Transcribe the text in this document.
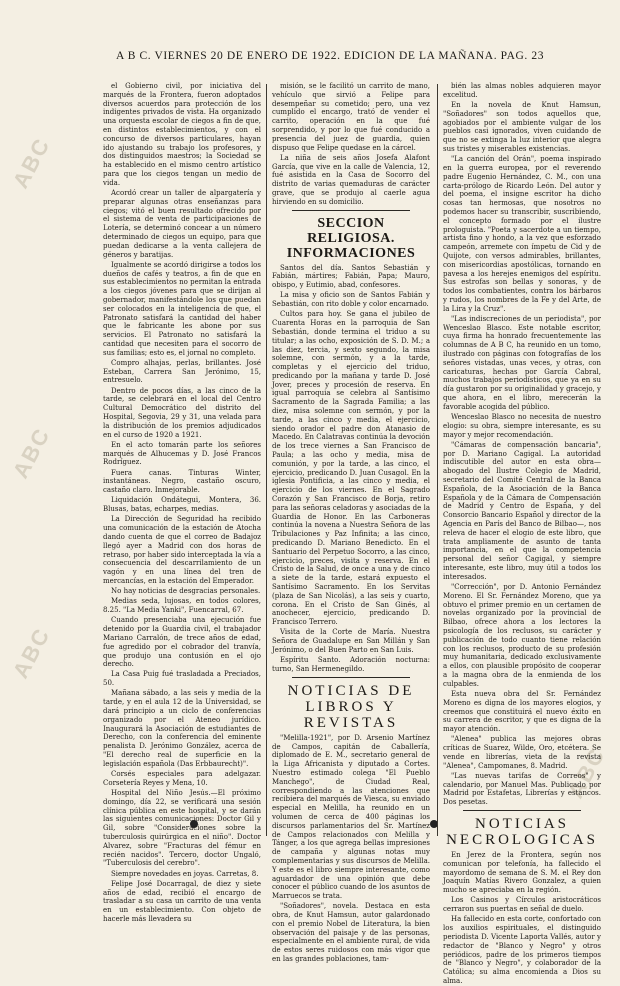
A B C. VIERNES 20 DE ENERO DE 1922. EDICION DE LA MAÑANA. PAG. 23
ABC
ABC
ABC
ABC

el Gobierno civil, por iniciativa del marqués de la Frontera, fueron adoptados diversos acuerdos para protección de los indigentes privados de vista. Ha organizado una orquesta escolar de ciegos a fin de que, en distintos establecimientos, y con el concurso de diversos particulares, hayan ido ajustando su trabajo los profesores, y dos distinguidos maestros; la Sociedad se ha establecido en el mismo centro artístico para que los ciegos tengan un medio de vida.

Acordó crear un taller de alpargatería y preparar algunas otras enseñanzas para ciegos; vitó el buen resultado ofrecido por el sistema de venta de participaciones de Lotería, se determinó concear a un número determinado de ciegos un equipo, para que puedan dedicarse a la venta callejera de géneros y baratijas.

Igualmente se acordó dirigirse a todos los dueños de cafés y teatros, a fin de que en sus establecimientos no permitan la entrada a los ciegos jóvenes para que se dirijan al gobernador, manifestándole los que puedan ser colocados en la inteligencia de que, el Patronato satisfará la cantidad del haber que le fabricante les abone por sus servicios. El Patronato no satisfará la cantidad que necesiten para el socorro de sus familias; esto es, el jornal no completo.

Compro alhajas, perlas, brillantes. José Esteban, Carrera San Jerónimo, 15, entresuelo.

Dentro de pocos días, a las cinco de la tarde, se celebrará en el local del Centro Cultural Democrático del distrito del Hospital, Segovia, 29 y 31, una velada para la distribución de los premios adjudicados en el curso de 1920 a 1921.

En el acto tomarán parte los señores marqués de Alhucemas y D. José Francos Rodríguez.

Fuera canas. Tinturas Winter, instantáneas. Negro, castaño oscuro, castaño claro. Inmejorable.

Liquidación Ondátegui, Montera, 36. Blusas, batas, echarpes, medias.

La Dirección de Seguridad ha recibido una comunicación de la estación de Atocha dando cuenta de que el correo de Badajoz llegó ayer a Madrid con dos horas de retraso, por haber sido interceptada la vía a consecuencia del descarrilamiento de un vagón y en una línea del tren de mercancías, en la estación del Emperador.

No hay noticias de desgracias personales.

Medias seda, lujosas, en todos colores, 8.25. "La Media Yanki", Fuencarral, 67.

Cuando presenciaba una ejecución fue detenido por la Guardia civil, el trabajador Mariano Carralón, de trece años de edad, fue agredido por el cobrador del tranvía, que produjo una contusión en el ojo derecho.

La Casa Puig fué trasladada a Preciados, 50.

Mañana sábado, a las seis y media de la tarde, y en el aula 12 de la Universidad, se dará principio a un ciclo de conferencias organizado por el Ateneo jurídico. Inaugurará la Asociación de estudiantes de Derecho, con la conferencia del eminente penalista D. Jerónimo González, acerca de "El derecho real de superficie en la legislación española (Das Erbbaurecht)".

Corsés especiales para adelgazar. Corsetería Reyes y Mena, 10.

Hospital del Niño Jesús.—El próximo domingo, día 22, se verificará una sesión clínica pública en este hospital, y se darán las siguientes comunicaciones: Doctor Gil y Gil, sobre "Consideraciones sobre la tuberculosis quirúrgica en el niño". Doctor Alvarez, sobre "Fracturas del fémur en recién nacidos". Tercero, doctor Ungaló, "Tuberculosis del cerebro".

Siempre novedades en joyas. Carretas, 8.

Felipe José Docarragal, de diez y siete años de edad, recibió el encargo de trasladar a su casa un carrito de una venta en un establecimiento. Con objeto de hacerle más llevadera su

misión, se le facilitó un carrito de mano, vehículo que sirvió a Felipe para desempeñar su cometido; pero, una vez cumplido el encargo, trató de vender el carrito, operación en la que fué sorprendido, y por lo que fué conducido a presencia del juez de guardia, quien dispuso que Felipe quedase en la cárcel.

La niña de seis años Josefa Alafont García, que vive en la calle de Valencia, 12, fué asistida en la Casa de Socorro del distrito de varias quemaduras de carácter grave, que se produjo al caerle agua hirviendo en su domicilio.

SECCION RELIGIOSA. INFORMACIONES

Santos del día. Santos Sebastián y Fabián, mártires; Fabián, Papa; Mauro, obispo, y Eutimio, abad, confesores.

La misa y oficio son de Santos Fabián y Sebastián, con rito doble y color encarnado.

Cultos para hoy. Se gana el jubileo de Cuarenta Horas en la parroquia de San Sebastián, donde termina el triduo a su titular; a las ocho, exposición de S. D. M.; a las diez, tercia, y sexto segundo, la misa solemne, con sermón, y a la tarde, completas y el ejercicio del triduo, predicando por la mañana y tarde D. José Jover, preces y procesión de reserva. En igual parroquia se celebra al Santísimo Sacramento de la Sagrada Familia; a las diez, misa solemne con sermón, y por la tarde, a las cinco y media, el ejercicio, siendo orador el padre don Atanasio de Macedo. En Calatravas continúa la devoción de los trece viernes a San Francisco de Paula; a las ocho y media, misa de comunión, y por la tarde, a las cinco, el ejercicio, predicando D. Juan Cusagol. En la iglesia Pontificia, a las cinco y media, el ejercicio de los viernes. En el Sagrado Corazón y San Francisco de Borja, retiro para las señoras celadoras y asociadas de la Guardia de Honor. En las Carboneras continúa la novena a Nuestra Señora de las Tribulaciones y Paz Infinita; a las cinco, predicando D. Mariano Benedicto. En el Santuario del Perpetuo Socorro, a las cinco, ejercicio, preces, visita y reserva. En el Cristo de la Salud, de once a una y de cinco a siete de la tarde, estará expuesto el Santísimo Sacramento. En los Servitas (plaza de San Nicolás), a las seis y cuarto, corona. En el Cristo de San Ginés, al anochecer, ejercicio, predicando D. Francisco Terrero.

Visita de la Corte de María. Nuestra Señora de Guadalupe en San Millán y San Jerónimo, o del Buen Parto en San Luis.

Espíritu Santo. Adoración nocturna: turno, San Hermenegildo.

NOTICIAS DE LIBROS Y REVISTAS

"Melilla-1921", por D. Arsenio Martínez de Campos, capitán de Caballería, diplomado de E. M., secretario general de la Liga Africanista y diputado a Cortes. Nuestro estimado colega "El Pueblo Manchego", de Ciudad Real, correspondiendo a las atenciones que recibiera del marqués de Viesca, su enviado especial en Melilla, ha reunido en un volumen de cerca de 400 páginas los discursos parlamentarios del Sr. Martínez de Campos relacionados con Melilla y Tánger, a los que agrega bellas impresiones de campaña y algunas notas muy complementarias y sus discursos de Melilla. Y este es el libro siempre interesante, como aguardador de una opinión que debe conocer el público cuando de los asuntos de Marruecos se trata.

"Soñadores", novela. Destaca en esta obra, de Knut Hamsun, autor galardonado con el premio Nobel de Literatura, la bien observación del paisaje y de las personas, especialmente en el ambiente rural, de vida de estos seres ruidosos con más vigor que en las grandes poblaciones, tam-

bién las almas nobles adquieren mayor excelitud.

En la novela de Knut Hamsun, "Soñadores" son todos aquellos que, agobiados por el ambiente vulgar de los pueblos casi ignorados, viven cuidando de que no se extinga la luz interior que alegra sus tristes y miserables existencias.

"La canción del Orán", poema inspirado en la guerra europea, por el reverendo padre Eugenio Hernández, C. M., con una carta-prólogo de Ricardo León. Del autor y del poema, el insigne escritor ha dicho cosas tan hermosas, que nosotros no podemos hacer su transcribir, suscribiendo, el concepto formado por el ilustre prologuista. "Poeta y sacerdote a un tiempo, artista fino y hondo, a la vez que esforzado campeón, arremete con ímpetu de Cid y de Quijote, con versos admirables, brillantes, con misericordias apostólicas, tornando en pavesa a los herejes enemigos del espíritu. Sus estrofas son bellas y sonoras, y de todos los combatientes, contra los bárbaros y rudos, los nombres de la Fe y del Arte, de la Lira y la Cruz".

"Las indiscreciones de un periodista", por Wenceslao Blasco. Este notable escritor, cuya firma ha honrado frecuentemente las columnas de A B C, ha reunido en un tomo, ilustrado con páginas con fotografías de los señores vistadas, unas veces, y otras, con caricaturas, hechas por García Cabral, muchos trabajos periodísticos, que ya en su día gustaron por su originalidad y gracejo, y que ahora, en el libro, merecerán la favorable acogida del público.

Wenceslao Blasco no necesita de nuestro elogio: su obra, siempre interesante, es su mayor y mejor recomendación.

"Cámaras de compensación bancaria", por D. Mariano Cagigal. La autoridad indiscutible del autor en esta obra—abogado del Ilustre Colegio de Madrid, secretario del Comité Central de la Banca Española, de la Asociación de la Banca Española y de la Cámara de Compensación de Madrid y Centro de España, y del Consorcio Bancario Español y director de la Agencia en París del Banco de Bilbao—, nos releva de hacer el elogio de este libro, que trata ampliamente de asunto de tanta importancia, en el que la competencia personal del señor Cagigal, y siempre interesante, este libro, muy útil a todos los interesados.

"Corrección", por D. Antonio Fernández Moreno. El Sr. Fernández Moreno, que ya obtuvo el primer premio en un certamen de novelas organizado por la provincial de Bilbao, ofrece ahora a los lectores la psicología de los reclusos, su carácter y publicación de todo cuanto tiene relación con los reclusos, producto de su profesión muy humanitaria, dedicado exclusivamente a ellos, con plausible propósito de cooperar a la magna obra de la enmienda de los culpables.

Esta nueva obra del Sr. Fernández Moreno es digna de los mayores elogios, y creemos que constituirá el nuevo éxito en su carrera de escritor, y que es digna de la mayor atención.

"Alenea" publica las mejores obras críticas de Suarez, Wilde, Oro, etcétera. Se vende en librerías, vieta de la revista "Alenea", Campomanes, 8. Madrid.

"Las nuevas tarifas de Correos" y calendario, por Manuel Mas. Publicado por Madrid por Estafetas, Librerías y estancos. Dos pesetas.

NOTICIAS NECROLOGICAS

En Jerez de la Frontera, según nos comunican por telefonía, ha fallecido el mayordomo de semana de S. M. el Rey don Joaquín Matías Rivero Gonzalez, a quien mucho se apreciaba en la región.

Los Casinos y Círculos aristocráticos cerraron sus puertas en señal de duelo.

Ha fallecido en esta corte, confortado con los auxilios espirituales, el distinguido periodista D. Vicente Laporta Vallés, autor y redactor de "Blanco y Negro" y otros periódicos, padre de los primeros tiempos de "Blanco y Negro", y colaborador de la Católica; su alma encomienda a Dios su alma.
